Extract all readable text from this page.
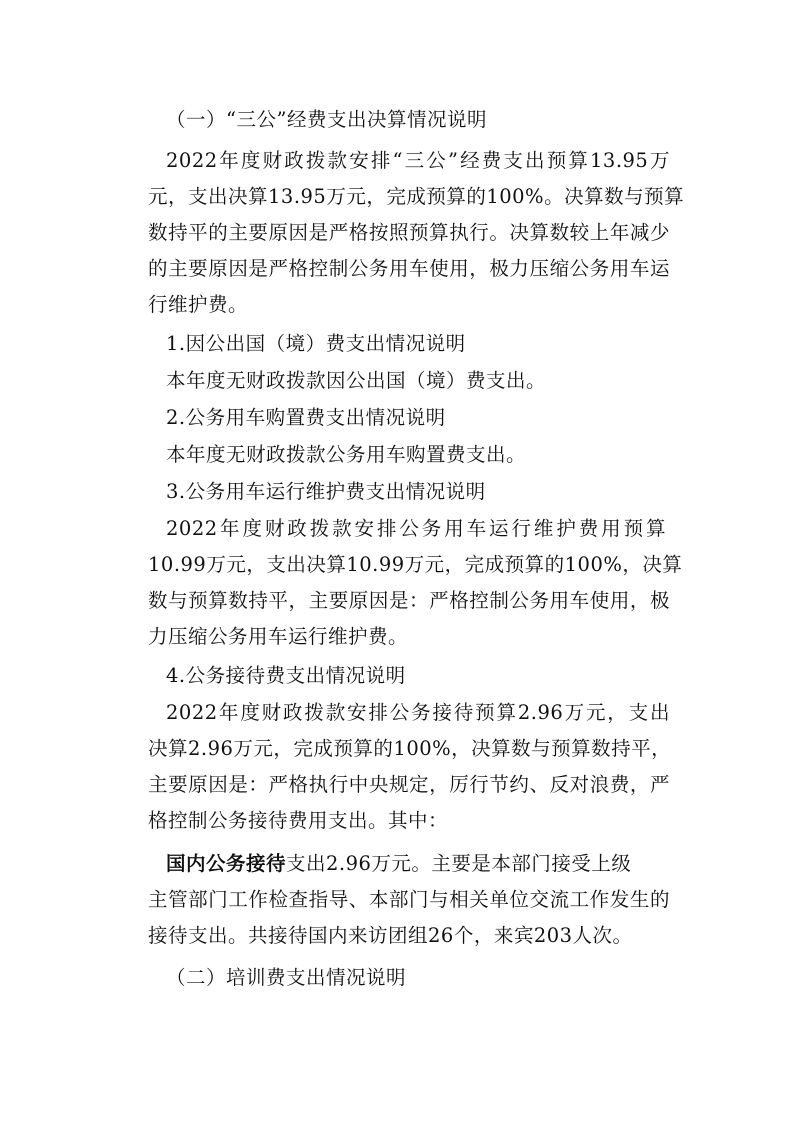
（一）“三公”经费支出决算情况说明
2022年度财政拨款安排“三公”经费支出预算13.95万
元，支出决算13.95万元，完成预算的100%。决算数与预算
数持平的主要原因是严格按照预算执行。决算数较上年减少
的主要原因是严格控制公务用车使用，极力压缩公务用车运
行维护费。
1.因公出国（境）费支出情况说明
本年度无财政拨款因公出国（境）费支出。
2.公务用车购置费支出情况说明
本年度无财政拨款公务用车购置费支出。
3.公务用车运行维护费支出情况说明
2022年度财政拨款安排公务用车运行维护费用预算
10.99万元，支出决算10.99万元，完成预算的100%，决算
数与预算数持平，主要原因是：严格控制公务用车使用，极
力压缩公务用车运行维护费。
4.公务接待费支出情况说明
2022年度财政拨款安排公务接待预算2.96万元，支出
决算2.96万元，完成预算的100%，决算数与预算数持平，
主要原因是：严格执行中央规定，厉行节约、反对浪费，严
格控制公务接待费用支出。其中：
国内公务接待支出2.96万元。主要是本部门接受上级
主管部门工作检查指导、本部门与相关单位交流工作发生的
接待支出。共接待国内来访团组26个，来宾203人次。
（二）培训费支出情况说明
